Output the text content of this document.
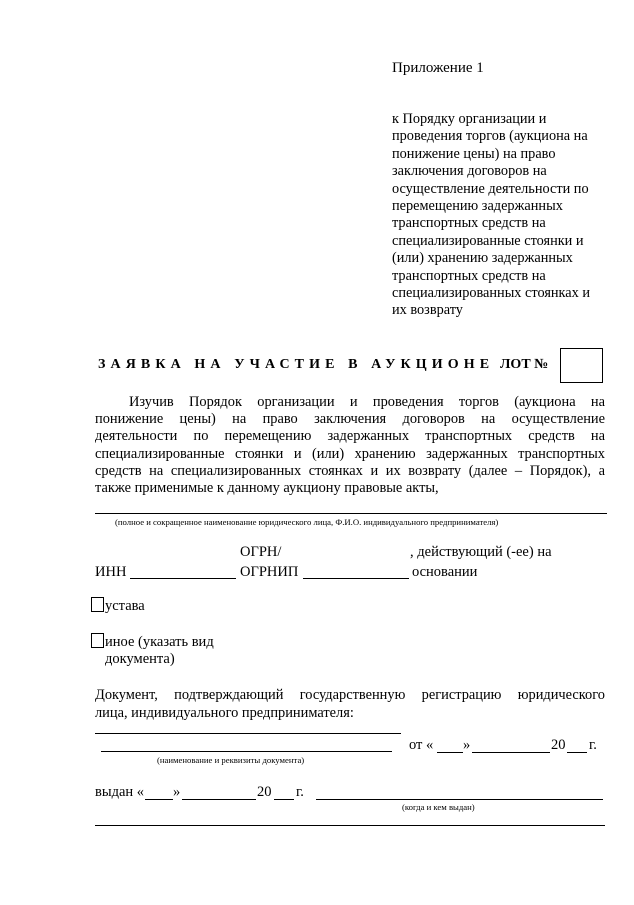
Приложение 1
к Порядку организации и
проведения торгов (аукциона на
понижение цены) на право
заключения договоров на
осуществление деятельности по
перемещению задержанных
транспортных средств на
специализированные стоянки и
(или) хранению задержанных
транспортных средств на
специализированных стоянках и
их возврату
ЗАЯВКА НА УЧАСТИЕ В АУКЦИОНЕ ЛОТ №
Изучив Порядок организации и проведения торгов (аукциона на
понижение цены) на право заключения договоров на осуществление
деятельности по перемещению задержанных транспортных средств на
специализированные стоянки и (или) хранению задержанных транспортных
средств на специализированных стоянках и их возврату (далее – Порядок), а
также применимые к данному аукциону правовые акты,
(полное и сокращенное наименование юридического лица, Ф.И.О. индивидуального предпринимателя)
ОГРН/	, действующий (-ее) на
ИНН	ОГРНИП	основании
устава
иное (указать вид
документа)
Документ, подтверждающий государственную регистрацию юридического
лица, индивидуального предпринимателя:
(наименование и реквизиты документа)
от « »	20 г.
выдан « »	20 г.
(когда и кем выдан)
